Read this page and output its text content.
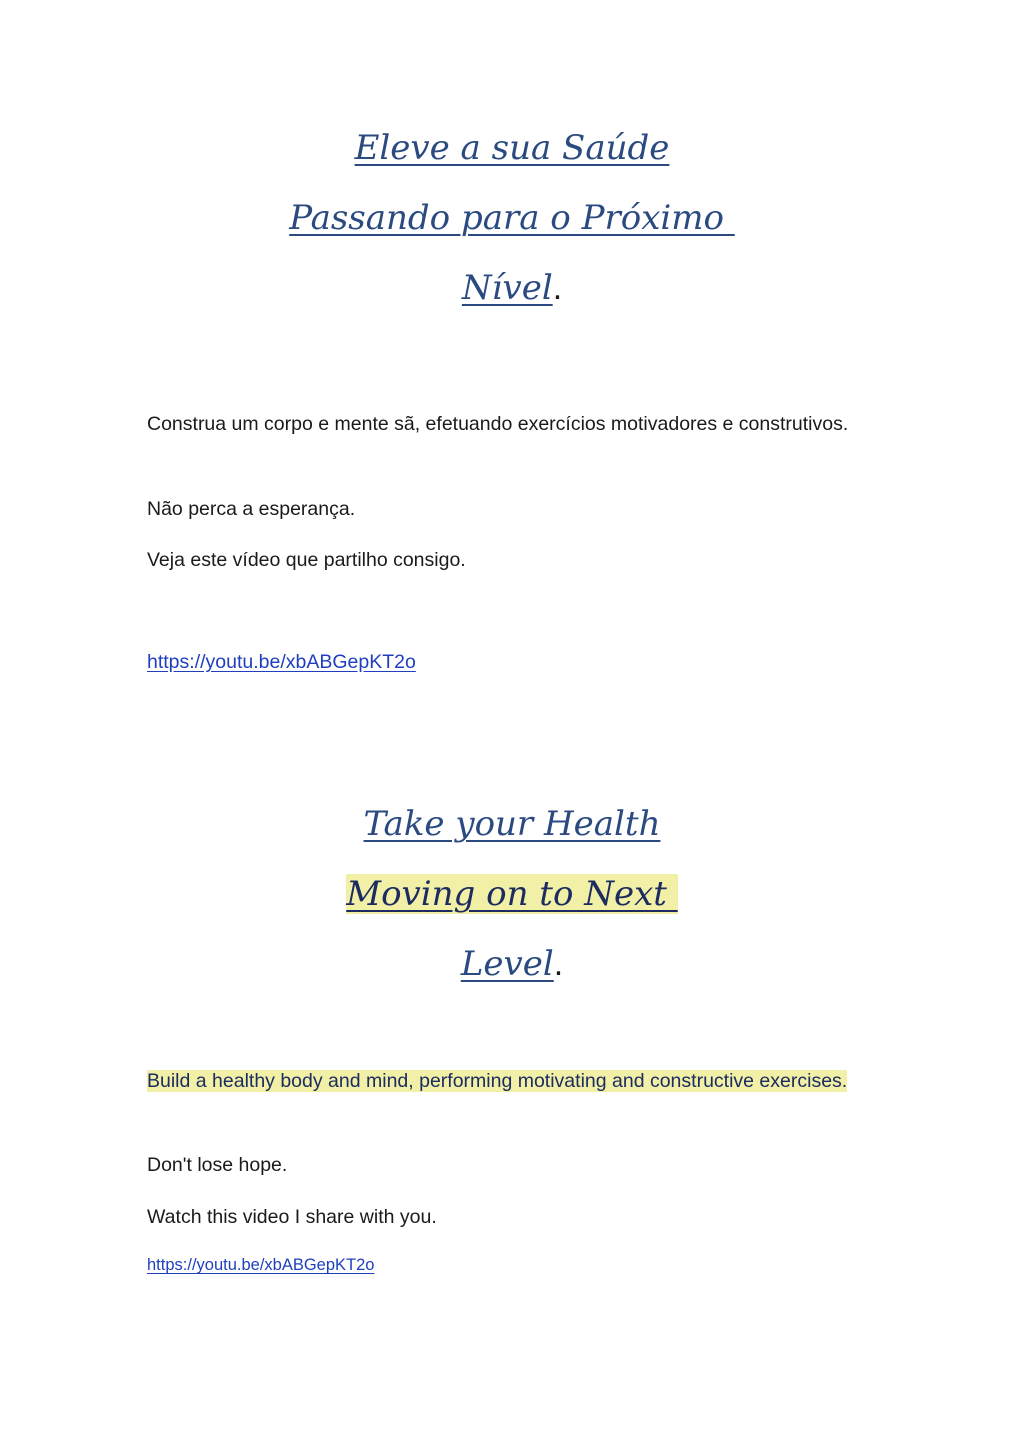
Eleve a sua Saúde
Passando para o Próximo
Nível.
Construa um corpo e mente sã, efetuando exercícios motivadores e construtivos.
Não perca a esperança.
Veja este vídeo que partilho consigo.
https://youtu.be/xbABGepKT2o
Take your Health
Moving on to Next
Level.
Build a healthy body and mind, performing motivating and constructive exercises.
Don't lose hope.
Watch this video I share with you.
https://youtu.be/xbABGepKT2o
